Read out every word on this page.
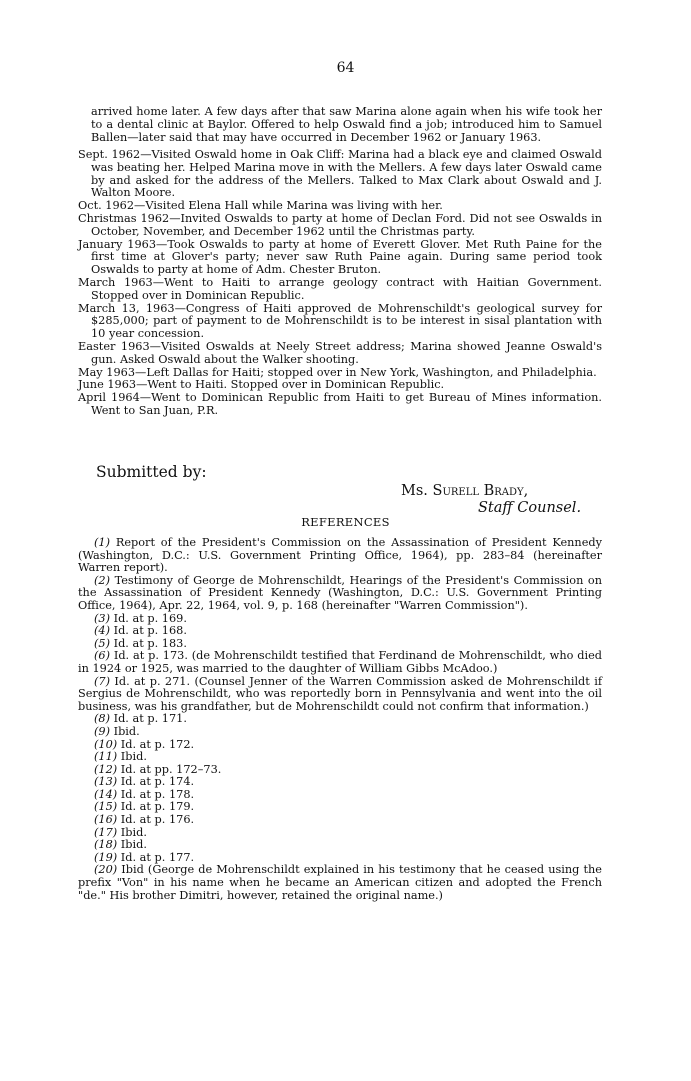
64

arrived home later. A few days after that saw Marina alone again when his wife took her to a dental clinic at Baylor. Offered to help Oswald find a job; introduced him to Samuel Ballen—later said that may have occurred in December 1962 or January 1963.

Sept. 1962—Visited Oswald home in Oak Cliff: Marina had a black eye and claimed Oswald was beating her. Helped Marina move in with the Mellers. A few days later Oswald came by and asked for the address of the Mellers. Talked to Max Clark about Oswald and J. Walton Moore.

Oct. 1962—Visited Elena Hall while Marina was living with her.

Christmas 1962—Invited Oswalds to party at home of Declan Ford. Did not see Oswalds in October, November, and December 1962 until the Christmas party.

January 1963—Took Oswalds to party at home of Everett Glover. Met Ruth Paine for the first time at Glover's party; never saw Ruth Paine again. During same period took Oswalds to party at home of Adm. Chester Bruton.

March 1963—Went to Haiti to arrange geology contract with Haitian Government. Stopped over in Dominican Republic.

March 13, 1963—Congress of Haiti approved de Mohrenschildt's geological survey for $285,000; part of payment to de Mohrenschildt is to be interest in sisal plantation with 10 year concession.

Easter 1963—Visited Oswalds at Neely Street address; Marina showed Jeanne Oswald's gun. Asked Oswald about the Walker shooting.

May 1963—Left Dallas for Haiti; stopped over in New York, Washington, and Philadelphia.

June 1963—Went to Haiti. Stopped over in Dominican Republic.

April 1964—Went to Dominican Republic from Haiti to get Bureau of Mines information. Went to San Juan, P.R.

Submitted by:
Ms. Surell Brady,
Staff Counsel.
REFERENCES

(1) Report of the President's Commission on the Assassination of President Kennedy (Washington, D.C.: U.S. Government Printing Office, 1964), pp. 283–84 (hereinafter Warren report).

(2) Testimony of George de Mohrenschildt, Hearings of the President's Commission on the Assassination of President Kennedy (Washington, D.C.: U.S. Government Printing Office, 1964), Apr. 22, 1964, vol. 9, p. 168 (hereinafter "Warren Commission").

(3) Id. at p. 169.

(4) Id. at p. 168.

(5) Id. at p. 183.

(6) Id. at p. 173. (de Mohrenschildt testified that Ferdinand de Mohrenschildt, who died in 1924 or 1925, was married to the daughter of William Gibbs McAdoo.)

(7) Id. at p. 271. (Counsel Jenner of the Warren Commission asked de Mohrenschildt if Sergius de Mohrenschildt, who was reportedly born in Pennsylvania and went into the oil business, was his grandfather, but de Mohrenschildt could not confirm that information.)

(8) Id. at p. 171.

(9) Ibid.

(10) Id. at p. 172.

(11) Ibid.

(12) Id. at pp. 172–73.

(13) Id. at p. 174.

(14) Id. at p. 178.

(15) Id. at p. 179.

(16) Id. at p. 176.

(17) Ibid.

(18) Ibid.

(19) Id. at p. 177.

(20) Ibid (George de Mohrenschildt explained in his testimony that he ceased using the prefix "Von" in his name when he became an American citizen and adopted the French "de." His brother Dimitri, however, retained the original name.)
